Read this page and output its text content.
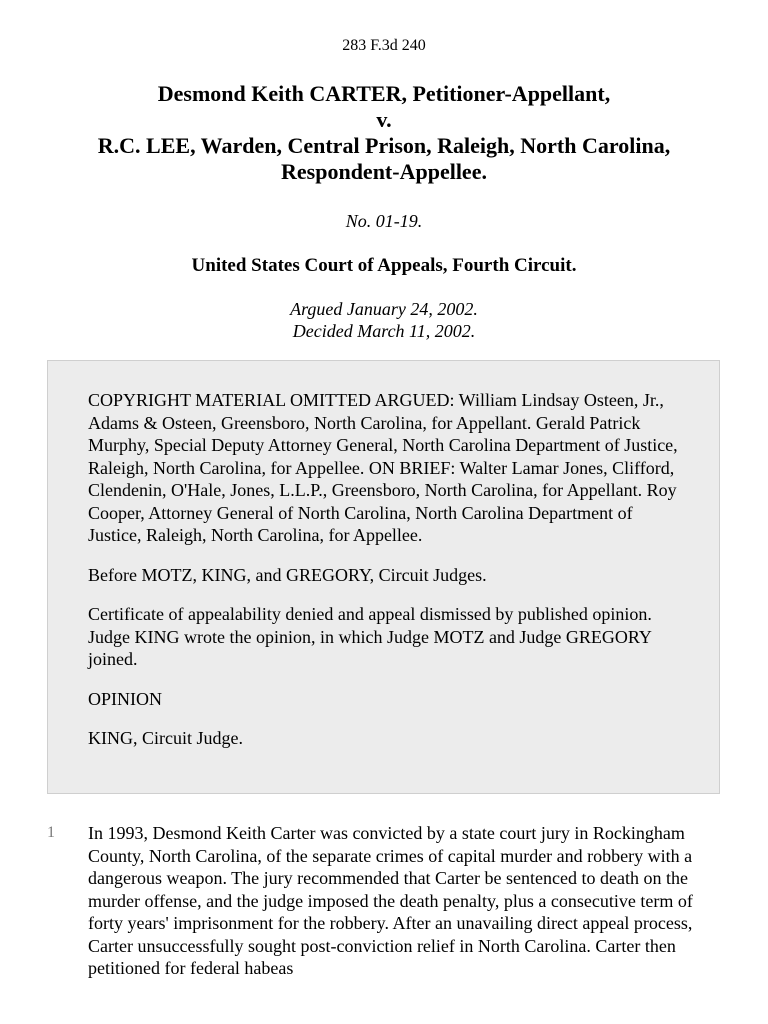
283 F.3d 240
Desmond Keith CARTER, Petitioner-Appellant,
v.
R.C. LEE, Warden, Central Prison, Raleigh, North Carolina,
Respondent-Appellee.
No. 01-19.
United States Court of Appeals, Fourth Circuit.
Argued January 24, 2002.
Decided March 11, 2002.

COPYRIGHT MATERIAL OMITTED ARGUED: William Lindsay Osteen, Jr., Adams & Osteen, Greensboro, North Carolina, for Appellant. Gerald Patrick Murphy, Special Deputy Attorney General, North Carolina Department of Justice, Raleigh, North Carolina, for Appellee. ON BRIEF: Walter Lamar Jones, Clifford, Clendenin, O'Hale, Jones, L.L.P., Greensboro, North Carolina, for Appellant. Roy Cooper, Attorney General of North Carolina, North Carolina Department of Justice, Raleigh, North Carolina, for Appellee.

Before MOTZ, KING, and GREGORY, Circuit Judges.

Certificate of appealability denied and appeal dismissed by published opinion. Judge KING wrote the opinion, in which Judge MOTZ and Judge GREGORY joined.

OPINION

KING, Circuit Judge.

1 In 1993, Desmond Keith Carter was convicted by a state court jury in Rockingham County, North Carolina, of the separate crimes of capital murder and robbery with a dangerous weapon. The jury recommended that Carter be sentenced to death on the murder offense, and the judge imposed the death penalty, plus a consecutive term of forty years' imprisonment for the robbery. After an unavailing direct appeal process, Carter unsuccessfully sought post-conviction relief in North Carolina. Carter then petitioned for federal habeas
